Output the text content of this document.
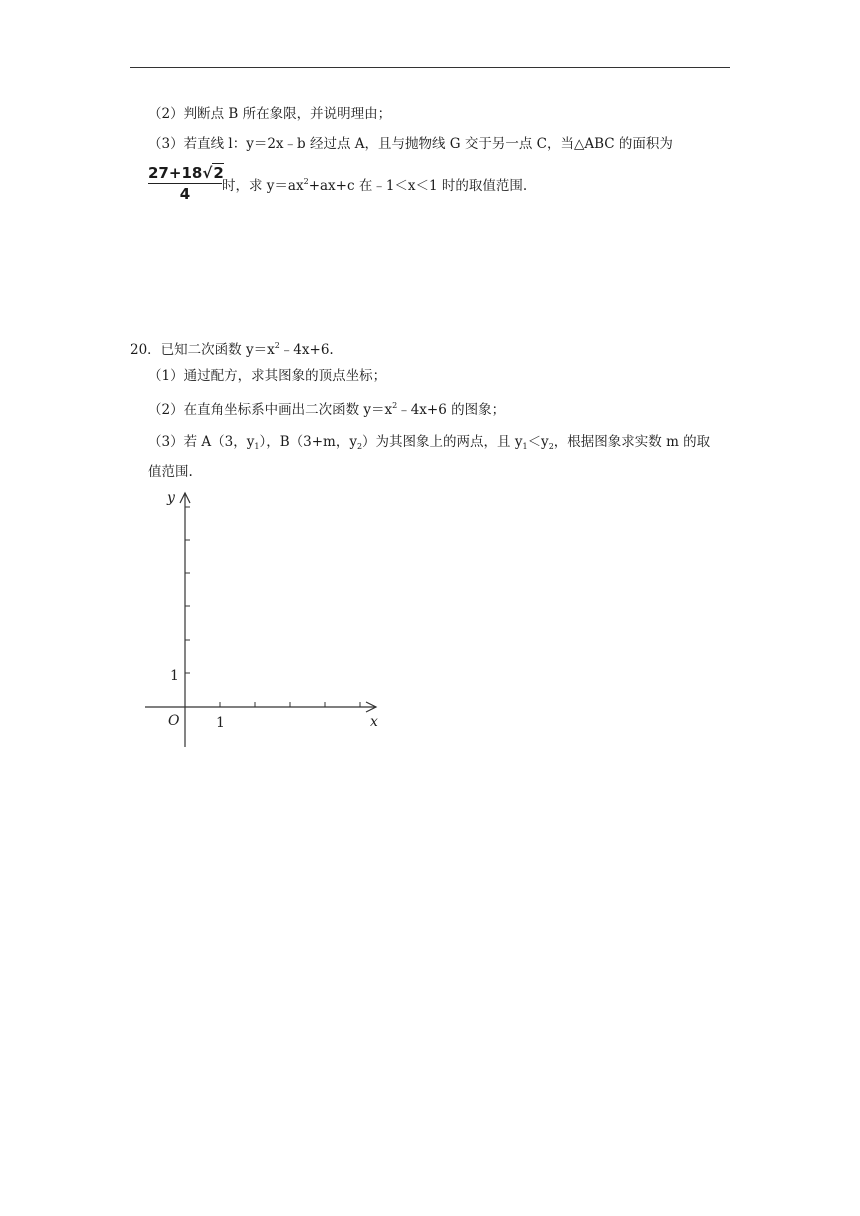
（2）判断点 B 所在象限，并说明理由；
（3）若直线 l：y＝2x﹣b 经过点 A，且与抛物线 G 交于另一点 C，当△ABC 的面积为
$\frac{27+18√2}{4}$ 时，求 $y=ax^2+ax+c$ 在﹣1＜x＜1 时的取值范围.
20．已知二次函数 $y=x^2﹣4x+6$.
（1）通过配方，求其图象的顶点坐标；
（2）在直角坐标系中画出二次函数 $y=x^2﹣4x+6$ 的图象；
（3）若 A（3，$y_1$），B（3+m，$y_2$）为其图象上的两点，且 $y_1<y_2$，根据图象求实数 m 的取
值范围.
y
x
O	1
1
